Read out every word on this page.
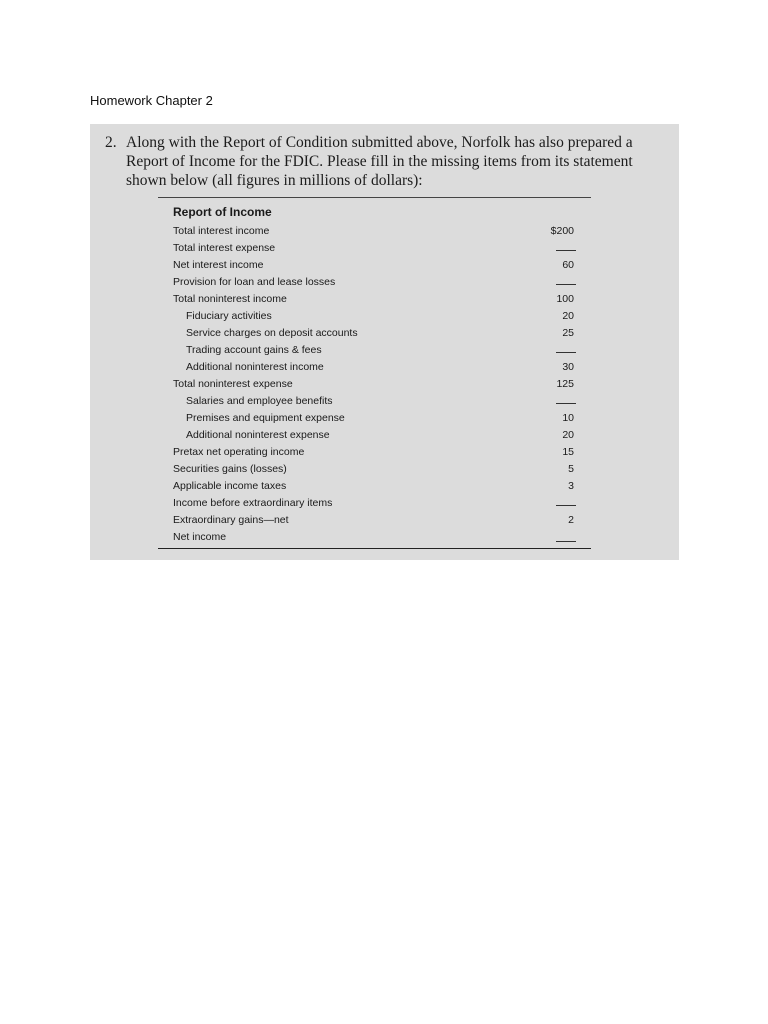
Homework Chapter 2
2. Along with the Report of Condition submitted above, Norfolk has also prepared a
Report of Income for the FDIC. Please fill in the missing items from its statement
shown below (all figures in millions of dollars):
Report of Income
Total interest income	$200
Total interest expense
Net interest income	60
Provision for loan and lease losses
Total noninterest income	100
Fiduciary activities	20
Service charges on deposit accounts	25
Trading account gains & fees
Additional noninterest income	30
Total noninterest expense	125
Salaries and employee benefits
Premises and equipment expense	10
Additional noninterest expense	20
Pretax net operating income	15
Securities gains (losses)	5
Applicable income taxes	3
Income before extraordinary items
Extraordinary gains—net	2
Net income
